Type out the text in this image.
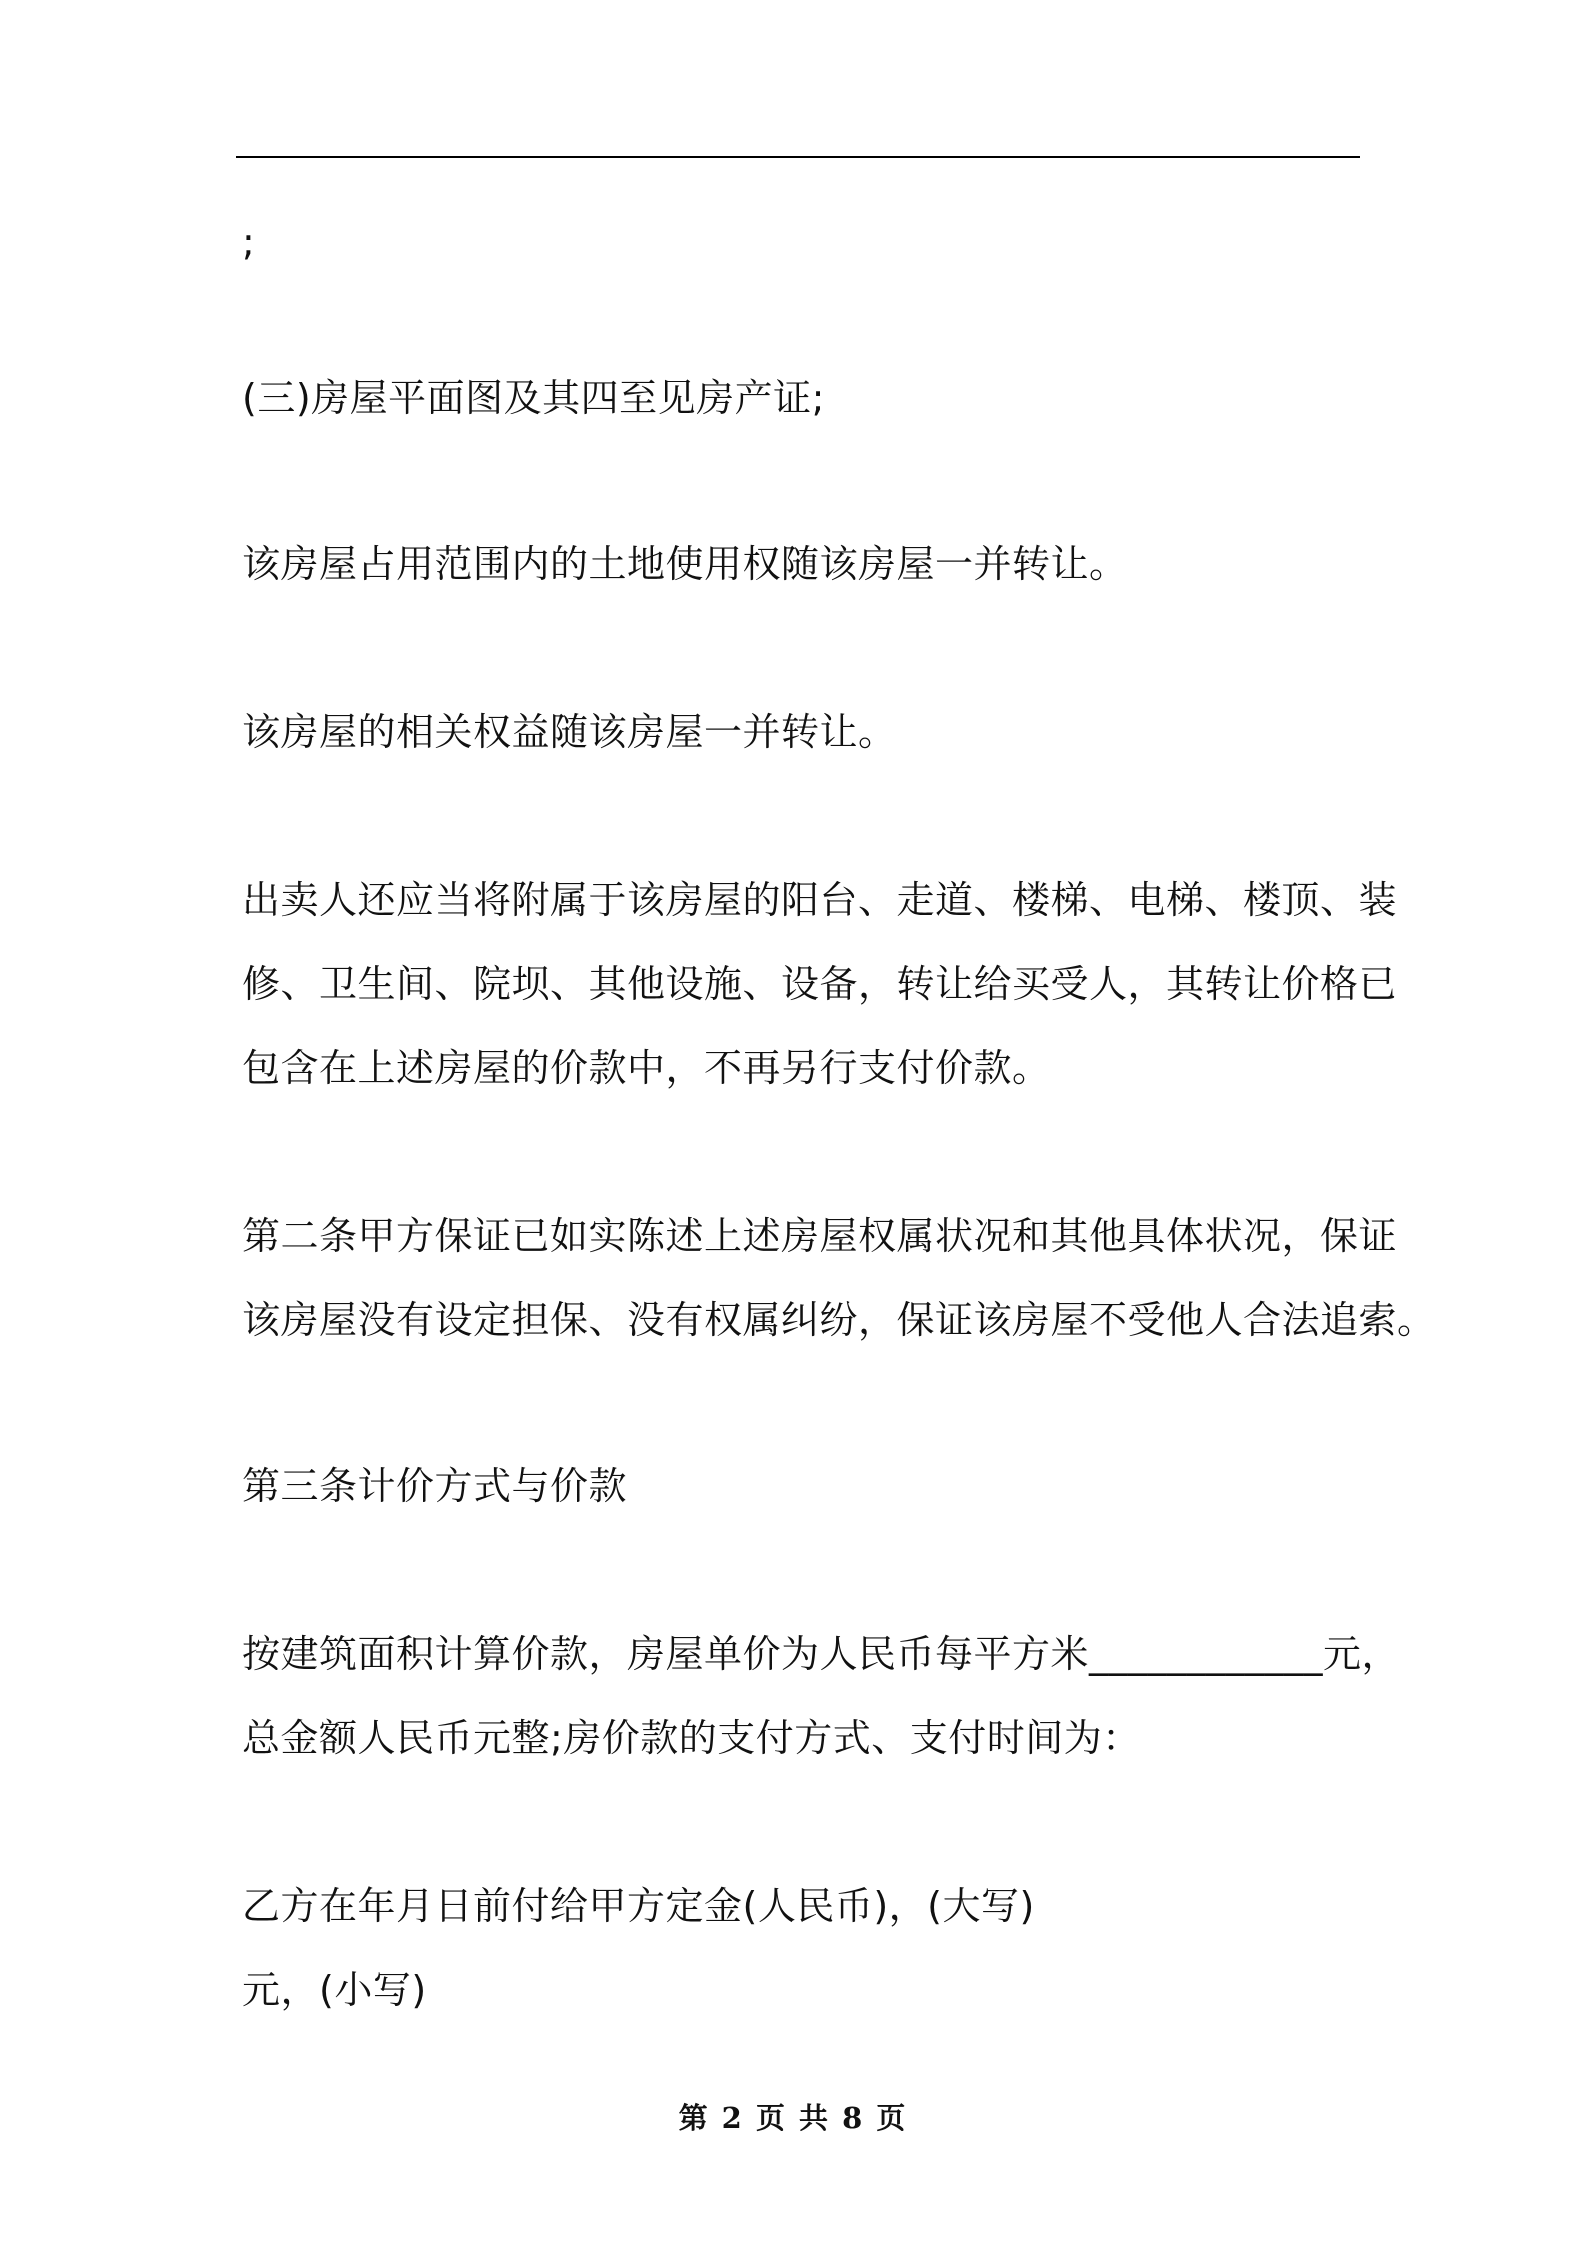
;
(三)房屋平面图及其四至见房产证;
该房屋占用范围内的土地使用权随该房屋一并转让。
该房屋的相关权益随该房屋一并转让。
出卖人还应当将附属于该房屋的阳台、走道、楼梯、电梯、楼顶、装
修、卫生间、院坝、其他设施、设备，转让给买受人，其转让价格已
包含在上述房屋的价款中，不再另行支付价款。
第二条甲方保证已如实陈述上述房屋权属状况和其他具体状况，保证
该房屋没有设定担保、没有权属纠纷，保证该房屋不受他人合法追索。
第三条计价方式与价款
按建筑面积计算价款，房屋单价为人民币每平方米____________元，
总金额人民币元整;房价款的支付方式、支付时间为：
乙方在年月日前付给甲方定金(人民币)，(大写)
元，(小写)
第 2 页 共 8 页
